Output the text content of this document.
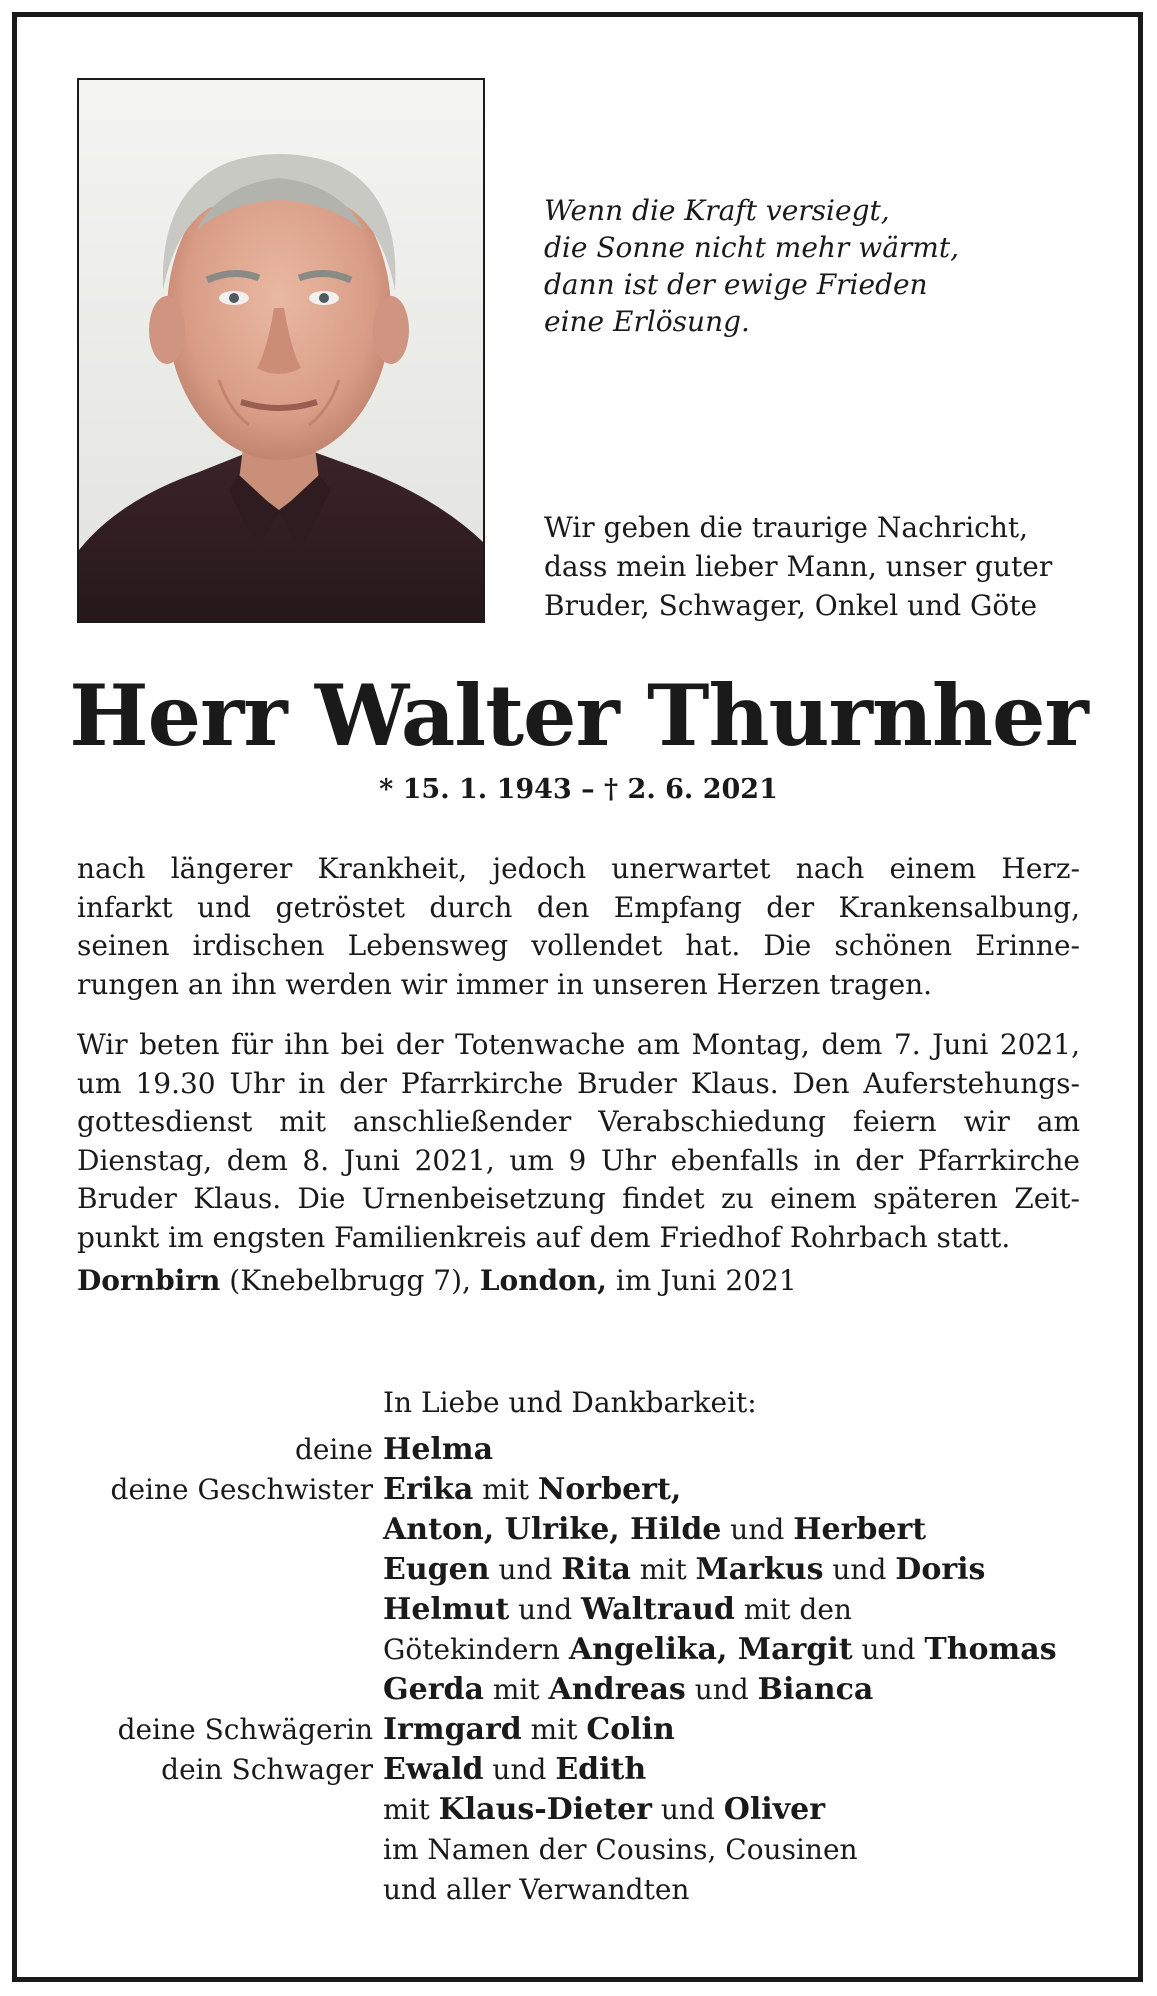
Wenn die Kraft versiegt,
die Sonne nicht mehr wärmt,
dann ist der ewige Frieden
eine Erlösung.
Wir geben die traurige Nachricht,
dass mein lieber Mann, unser guter
Bruder, Schwager, Onkel und Göte
Herr Walter Thurnher
* 15. 1. 1943 – † 2. 6. 2021
nach längerer Krankheit, jedoch unerwartet nach einem Herz-
infarkt und getröstet durch den Empfang der Krankensalbung,
seinen irdischen Lebensweg vollendet hat. Die schönen Erinne-
rungen an ihn werden wir immer in unseren Herzen tragen.
Wir beten für ihn bei der Totenwache am Montag, dem 7. Juni 2021,
um 19.30 Uhr in der Pfarrkirche Bruder Klaus. Den Auferstehungs-
gottesdienst mit anschließender Verabschiedung feiern wir am
Dienstag, dem 8. Juni 2021, um 9 Uhr ebenfalls in der Pfarrkirche
Bruder Klaus. Die Urnenbeisetzung findet zu einem späteren Zeit-
punkt im engsten Familienkreis auf dem Friedhof Rohrbach statt.
Dornbirn (Knebelbrugg 7), London, im Juni 2021
In Liebe und Dankbarkeit:
deine Helma
deine Geschwister Erika mit Norbert,
Anton, Ulrike, Hilde und Herbert
Eugen und Rita mit Markus und Doris
Helmut und Waltraud mit den
Götekindern Angelika, Margit und Thomas
Gerda mit Andreas und Bianca
deine Schwägerin Irmgard mit Colin
dein Schwager Ewald und Edith
mit Klaus-Dieter und Oliver
im Namen der Cousins, Cousinen
und aller Verwandten
